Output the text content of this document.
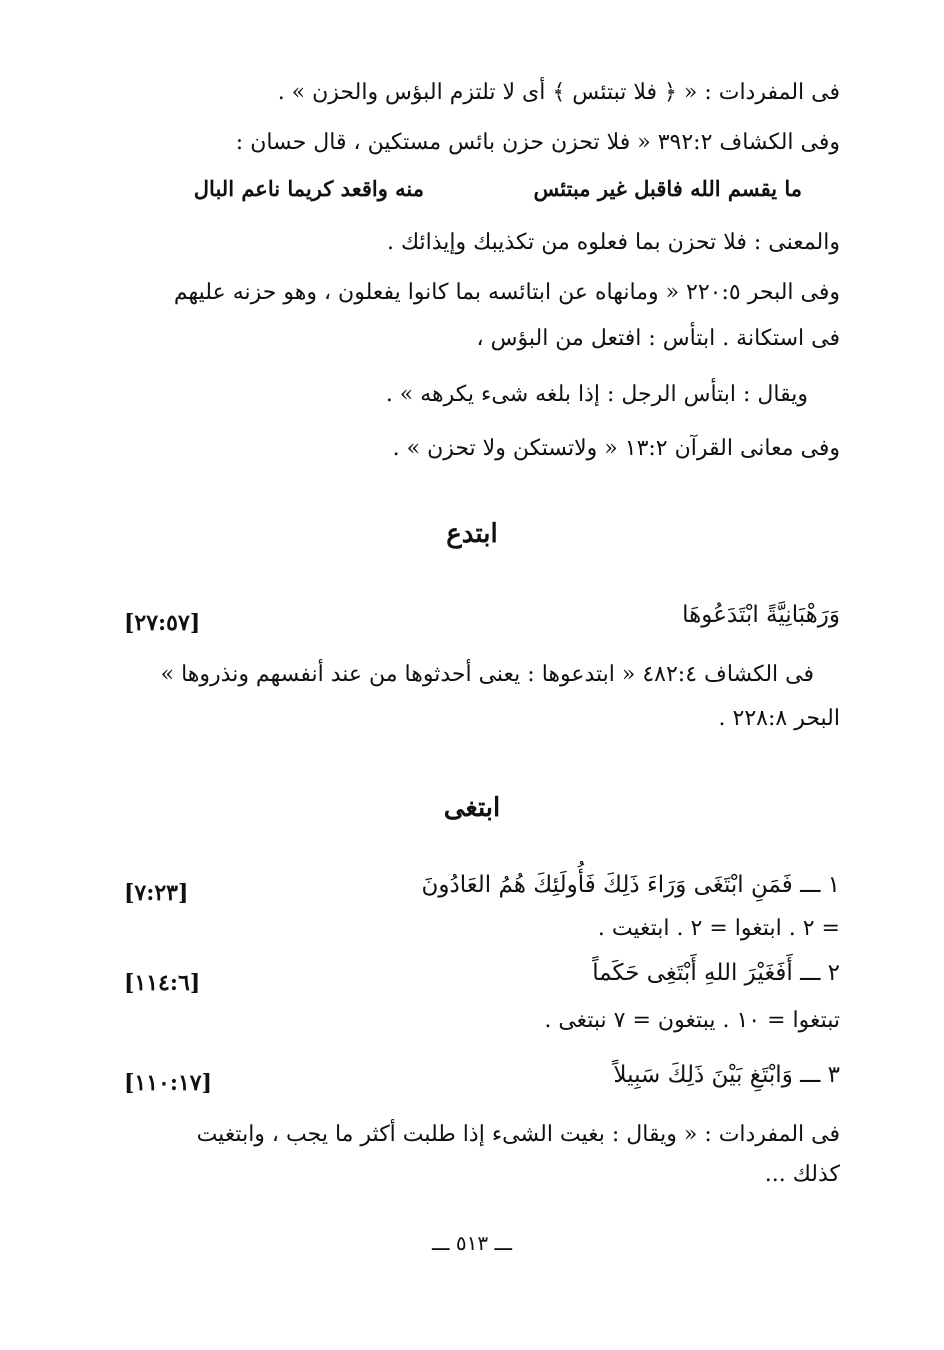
فى المفردات : « ﴿ فلا تبتئس ﴾ أى لا تلتزم البؤس والحزن » .
وفى الكشاف ٣٩٢:٢ « فلا تحزن حزن بائس مستكين ، قال حسان :
ما يقسم الله فاقبل غير مبتئس
منه واقعد كريما ناعم البال
والمعنى : فلا تحزن بما فعلوه من تكذيبك وإيذائك .
وفى البحر ٢٢٠:٥ « ومانهاه عن ابتائسه بما كانوا يفعلون ، وهو حزنه عليهم
فى استكانة . ابتأس : افتعل من البؤس ،
ويقال : ابتأس الرجل : إذا بلغه شىء يكرهه » .
وفى معانى القرآن ١٣:٢ « ولاتستكن ولا تحزن » .
ابتدع
وَرَهْبَانِيَّةً ابْتَدَعُوهَا
[٢٧:٥٧]
فى الكشاف ٤٨٢:٤ « ابتدعوها : يعنى أحدثوها من عند أنفسهم ونذروها »
البحر ٢٢٨:٨ .
ابتغى
١ ـــ فَمَنِ ابْتَغَى وَرَاءَ ذَلِكَ فَأُولَئِكَ هُمُ العَادُونَ
[٧:٢٣]
= ٢ . ابتغوا = ٢ . ابتغيت .
٢ ـــ أَفَغَيْرَ اللهِ أَبْتَغِى حَكَماً
[١١٤:٦]
تبتغوا = ١٠ . يبتغون = ٧ نبتغى .
٣ ـــ وَابْتَغِ بَيْنَ ذَلِكَ سَبِيلاً
[١١٠:١٧]
فى المفردات : « ويقال : بغيت الشىء إذا طلبت أكثر ما يجب ، وابتغيت
كذلك ...
ـــ ٥١٣ ـــ
